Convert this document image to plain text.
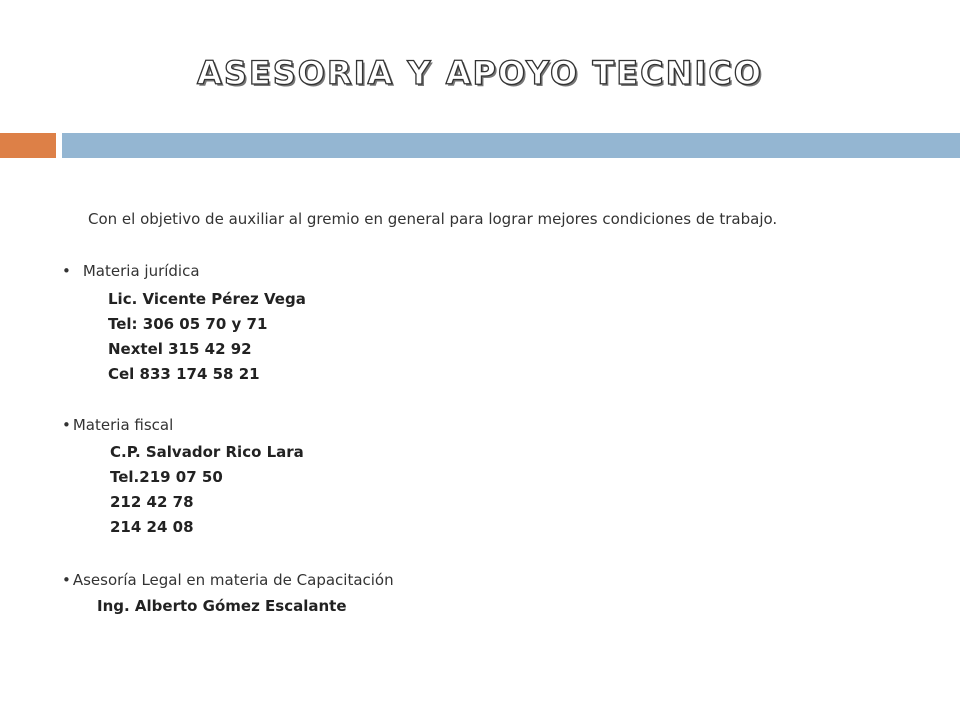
ASESORIA Y APOYO TECNICO
Con el objetivo de auxiliar al gremio en general para lograr mejores condiciones de trabajo.
• Materia jurídica
Lic. Vicente Pérez Vega
Tel: 306 05 70 y 71
Nextel 315 42 92
Cel 833 174 58 21
• Materia fiscal
C.P. Salvador Rico Lara
Tel.219 07 50
212 42 78
214 24 08
• Asesoría Legal en materia de Capacitación
Ing. Alberto Gómez Escalante
